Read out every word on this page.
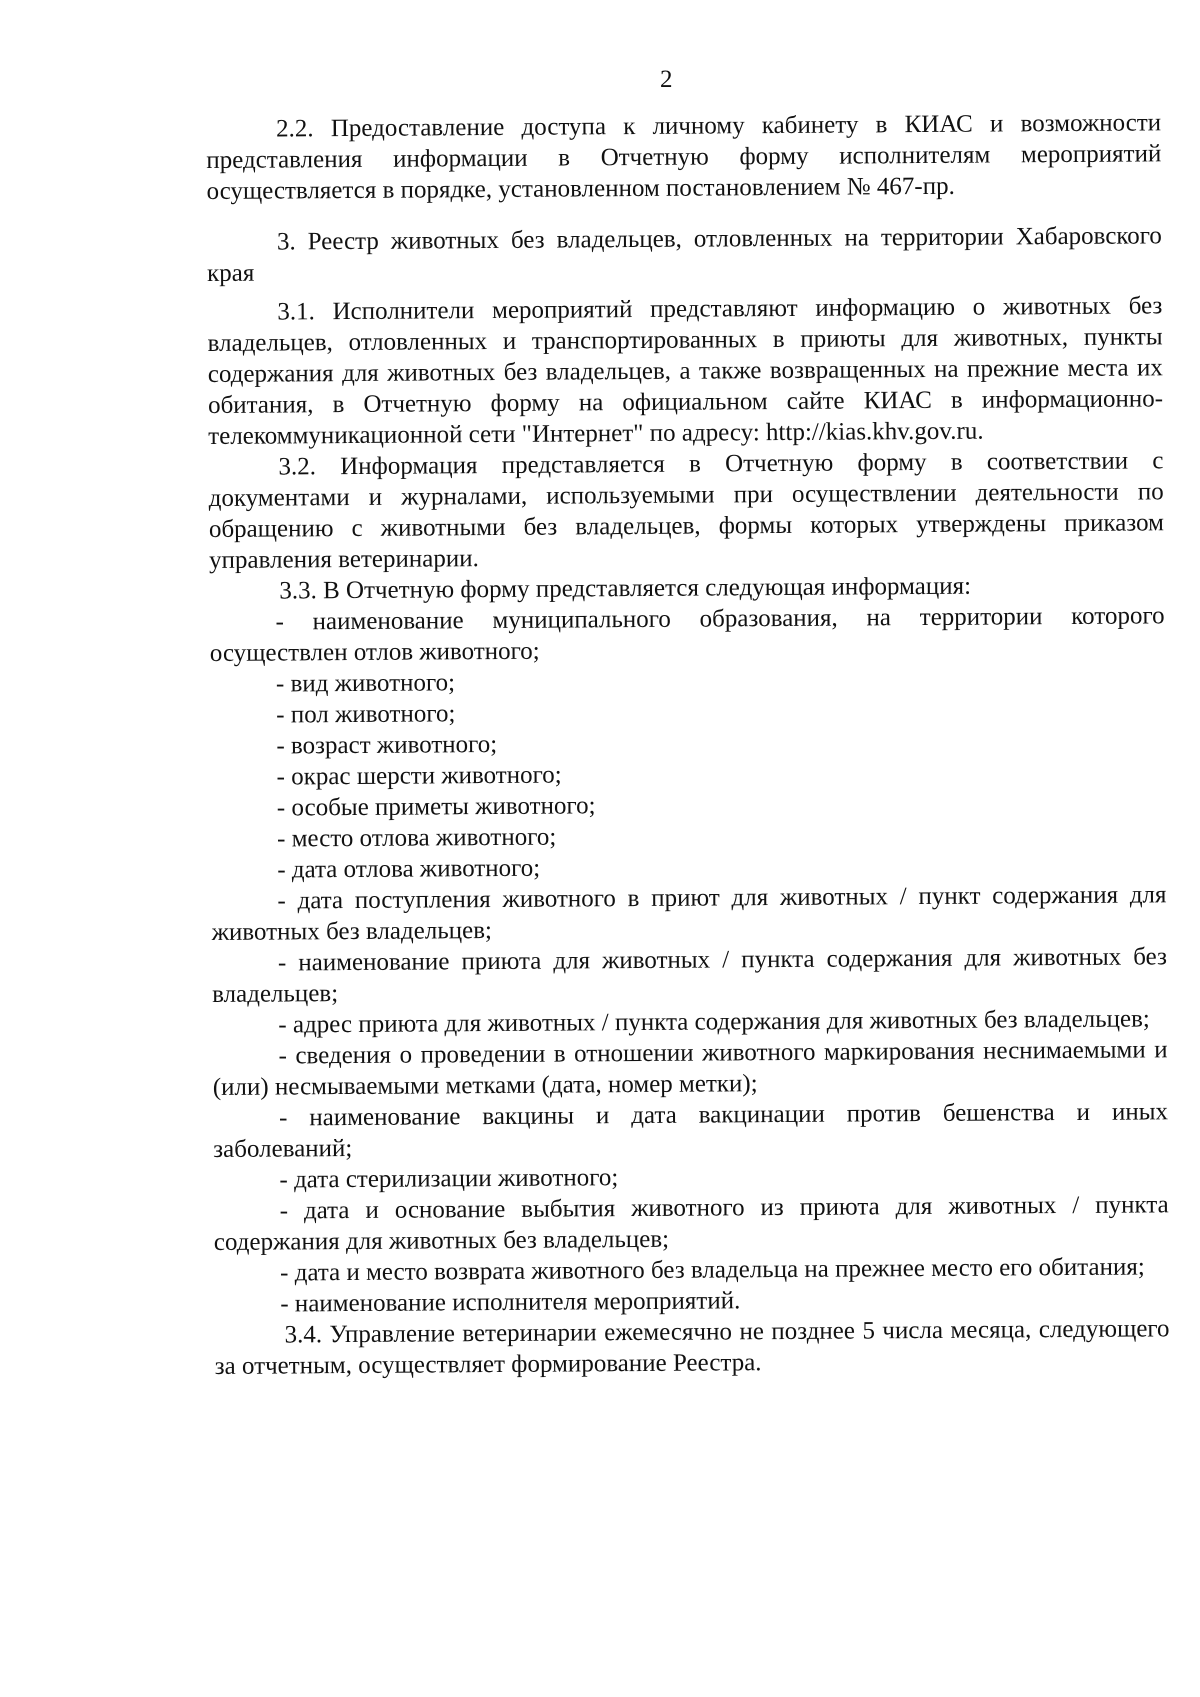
2

2.2. Предоставление доступа к личному кабинету в КИАС и возможности представления информации в Отчетную форму исполнителям мероприятий осуществляется в порядке, установленном постановлением № 467-пр.

3. Реестр животных без владельцев, отловленных на территории Хабаровского края

3.1. Исполнители мероприятий представляют информацию о животных без владельцев, отловленных и транспортированных в приюты для животных, пункты содержания для животных без владельцев, а также возвращенных на прежние места их обитания, в Отчетную форму на официальном сайте КИАС в информационно-телекоммуникационной сети "Интернет" по адресу: http://kias.khv.gov.ru.

3.2. Информация представляется в Отчетную форму в соответствии с документами и журналами, используемыми при осуществлении деятельности по обращению с животными без владельцев, формы которых утверждены приказом управления ветеринарии.

3.3. В Отчетную форму представляется следующая информация:

- наименование муниципального образования, на территории которого осуществлен отлов животного;

- вид животного;

- пол животного;

- возраст животного;

- окрас шерсти животного;

- особые приметы животного;

- место отлова животного;

- дата отлова животного;

- дата поступления животного в приют для животных / пункт содержания для животных без владельцев;

- наименование приюта для животных / пункта содержания для животных без владельцев;

- адрес приюта для животных / пункта содержания для животных без владельцев;

- сведения о проведении в отношении животного маркирования неснимаемыми и (или) несмываемыми метками (дата, номер метки);

- наименование вакцины и дата вакцинации против бешенства и иных заболеваний;

- дата стерилизации животного;

- дата и основание выбытия животного из приюта для животных / пункта содержания для животных без владельцев;

- дата и место возврата животного без владельца на прежнее место его обитания;

- наименование исполнителя мероприятий.

3.4. Управление ветеринарии ежемесячно не позднее 5 числа месяца, следующего за отчетным, осуществляет формирование Реестра.
